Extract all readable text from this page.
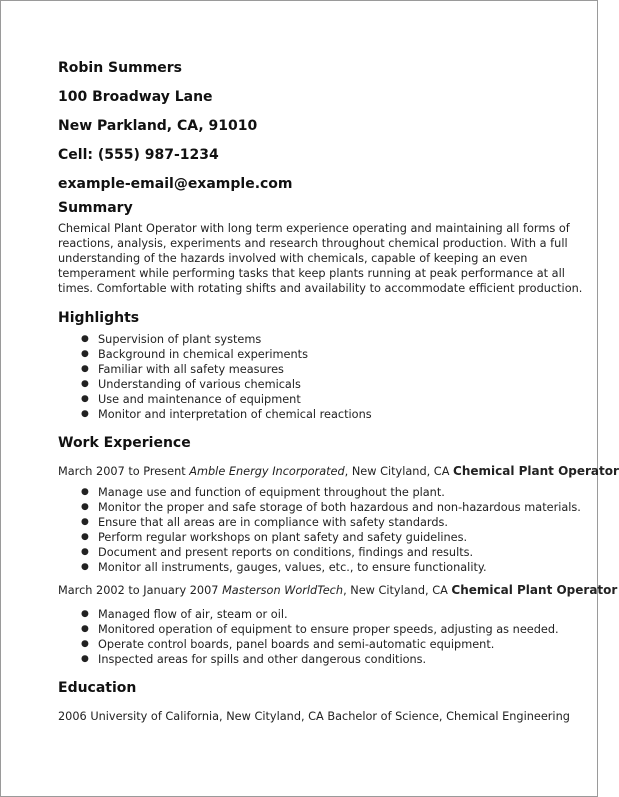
Robin Summers
100 Broadway Lane
New Parkland, CA, 91010
Cell: (555) 987-1234
example-email@example.com
Summary

Chemical Plant Operator with long term experience operating and maintaining all forms of reactions, analysis, experiments and research throughout chemical production. With a full understanding of the hazards involved with chemicals, capable of keeping an even temperament while performing tasks that keep plants running at peak performance at all times. Comfortable with rotating shifts and availability to accommodate efficient production.

Highlights
● Supervision of plant systems
● Background in chemical experiments
● Familiar with all safety measures
● Understanding of various chemicals
● Use and maintenance of equipment
● Monitor and interpretation of chemical reactions
Work Experience
March 2007 to Present Amble Energy Incorporated, New Cityland, CA Chemical Plant Operator
● Manage use and function of equipment throughout the plant.
● Monitor the proper and safe storage of both hazardous and non-hazardous materials.
● Ensure that all areas are in compliance with safety standards.
● Perform regular workshops on plant safety and safety guidelines.
● Document and present reports on conditions, findings and results.
● Monitor all instruments, gauges, values, etc., to ensure functionality.
March 2002 to January 2007 Masterson WorldTech, New Cityland, CA Chemical Plant Operator
● Managed flow of air, steam or oil.
● Monitored operation of equipment to ensure proper speeds, adjusting as needed.
● Operate control boards, panel boards and semi-automatic equipment.
● Inspected areas for spills and other dangerous conditions.
Education
2006 University of California, New Cityland, CA Bachelor of Science, Chemical Engineering
